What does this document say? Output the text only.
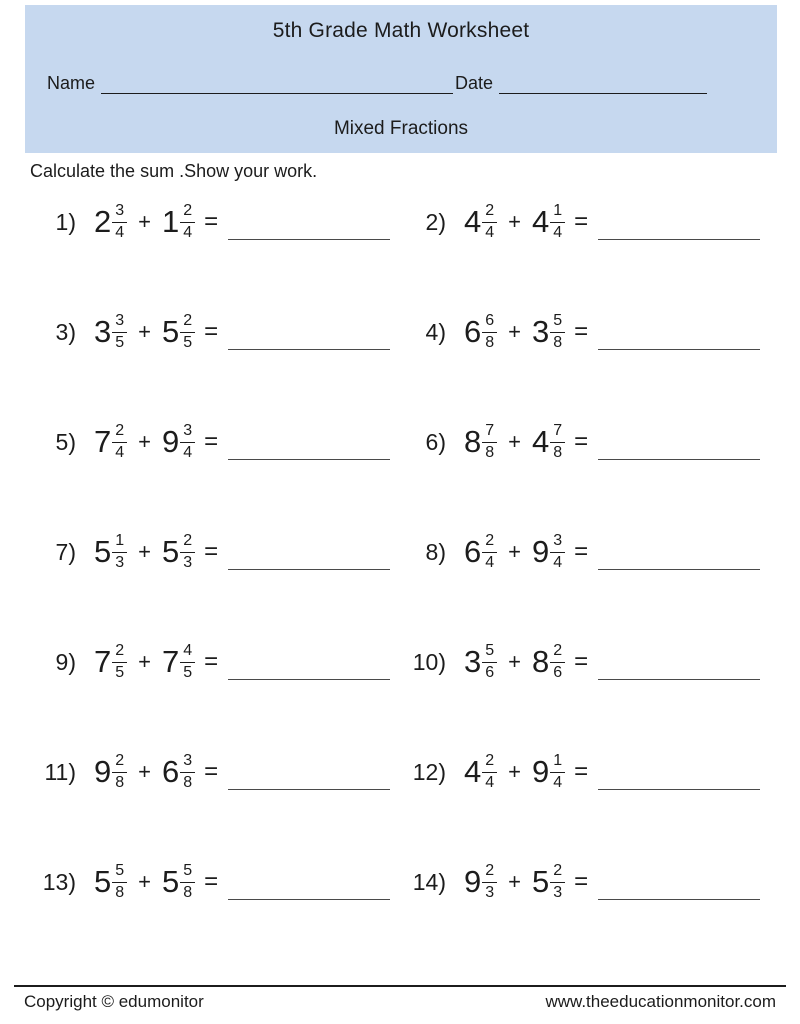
5th Grade Math Worksheet
Name	Date
Mixed Fractions
Calculate the sum .Show your work.
1) $2 \frac{3}{4} + 1 \frac{2}{4}$ =	2) $4 \frac{2}{4} + 4 \frac{1}{4}$ =
3) $3 \frac{3}{5} + 5 \frac{2}{5}$ =	4) $6 \frac{6}{8} + 3 \frac{5}{8}$ =
5) $7 \frac{2}{4} + 9 \frac{3}{4}$ =	6) $8 \frac{7}{8} + 4 \frac{7}{8}$ =
7) $5 \frac{1}{3} + 5 \frac{2}{3}$ =	8) $6 \frac{2}{4} + 9 \frac{3}{4}$ =
9) $7 \frac{2}{5} + 7 \frac{4}{5}$ =	10) $3 \frac{5}{6} + 8 \frac{2}{6}$ =
11) $9 \frac{2}{8} + 6 \frac{3}{8}$ =	12) $4 \frac{2}{4} + 9 \frac{1}{4}$ =
13) $5 \frac{5}{8} + 5 \frac{5}{8}$ =	14) $9 \frac{2}{3} + 5 \frac{2}{3}$ =
Copyright © edumonitor	www.theeducationmonitor.com
